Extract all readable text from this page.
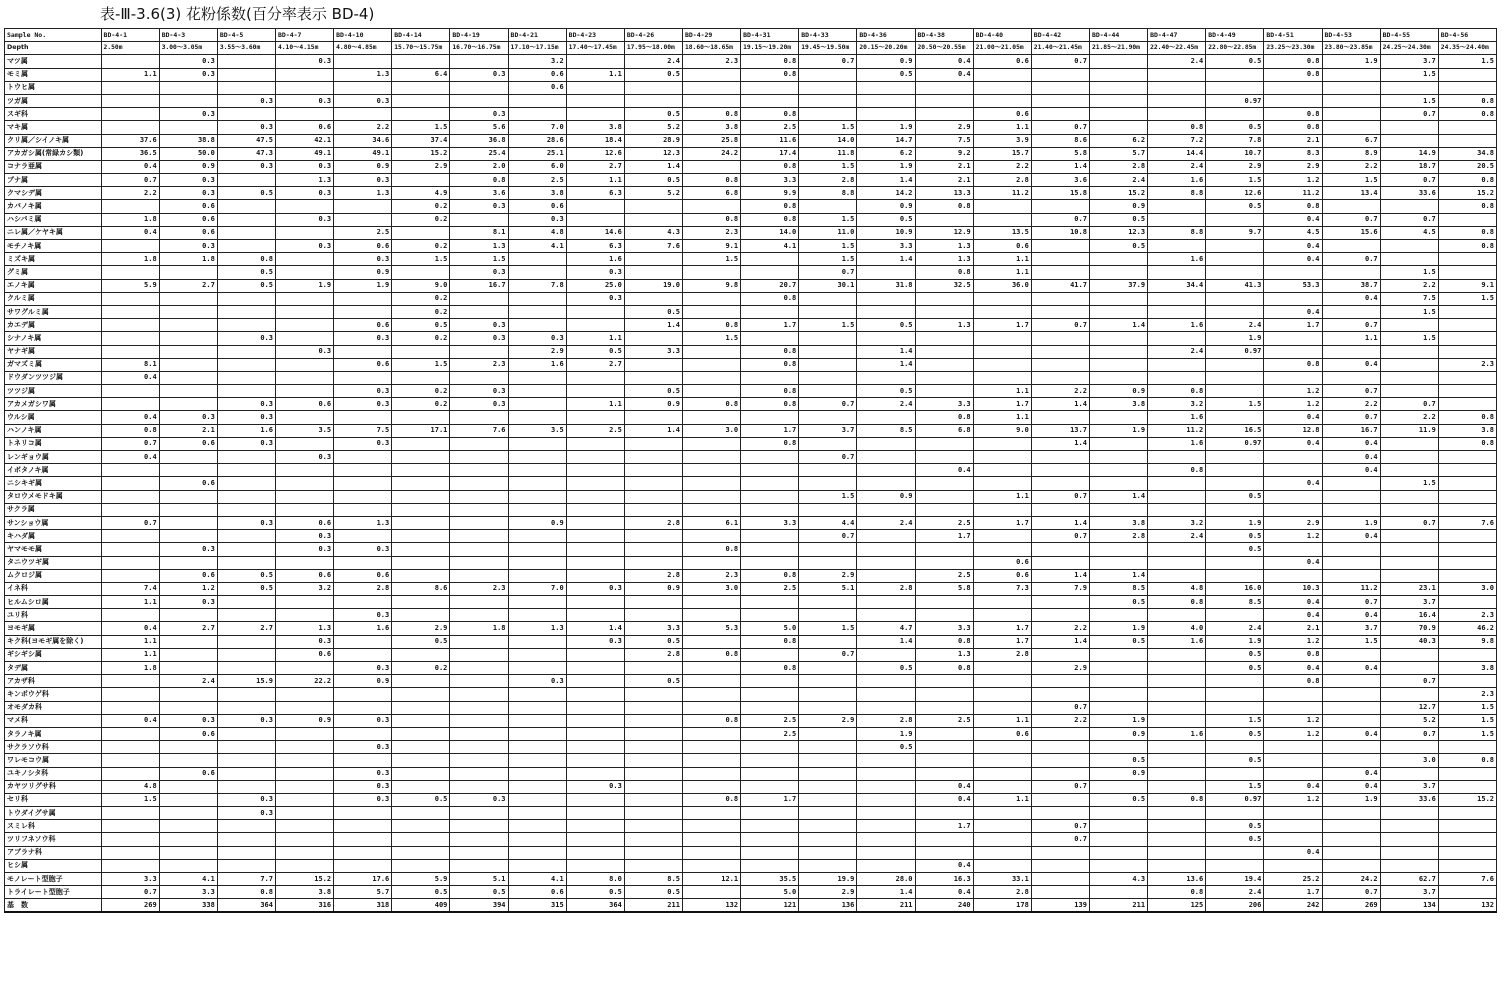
表-Ⅲ-3.6(3) 花粉係数(百分率表示 BD-4)
Sample No.	BD-4-1	BD-4-3	BD-4-5	BD-4-7	BD-4-10	BD-4-14	BD-4-19	BD-4-21	BD-4-23	BD-4-26	BD-4-29	BD-4-31	BD-4-33	BD-4-36	BD-4-38	BD-4-40	BD-4-42	BD-4-44	BD-4-47	BD-4-49	BD-4-51	BD-4-53	BD-4-55	BD-4-56
Depth	2.50m	3.00～3.05m	3.55～3.60m	4.10～4.15m	4.80～4.85m	15.70～15.75m	16.70～16.75m	17.10～17.15m	17.40～17.45m	17.95～18.00m	18.60～18.65m	19.15～19.20m	19.45～19.50m	20.15～20.20m	20.50～20.55m	21.00～21.05m	21.40～21.45m	21.85～21.90m	22.40～22.45m	22.80～22.85m	23.25～23.30m	23.80～23.85m	24.25～24.30m	24.35～24.40m
マツ属		0.3		0.3				3.2		2.4	2.3	0.8	0.7	0.9	0.4	0.6	0.7		2.4	0.5	0.8	1.9	3.7	1.5
モミ属	1.1	0.3			1.3	6.4	0.3	0.6	1.1	0.5		0.8		0.5	0.4						0.8		1.5	
トウヒ属								0.6																
ツガ属			0.3	0.3	0.3															0.97			1.5	0.8
スギ科		0.3					0.3			0.5	0.8	0.8				0.6					0.8		0.7	0.8
マキ属			0.3	0.6	2.2	1.5	5.6	7.0	3.8	5.2	3.8	2.5	1.5	1.9	2.9	1.1	0.7		0.8	0.5	0.8			
クリ属／シイノキ属	37.6	38.8	47.5	42.1	34.6	37.4	36.8	28.6	18.4	28.9	25.8	11.6	14.0	14.7	7.5	3.9	8.6	6.2	7.2	7.8	2.1	6.7		
アカガシ属(常緑カシ類)	36.5	50.0	47.3	49.1	49.1	15.2	25.4	25.1	12.6	12.3	24.2	17.4	11.8	6.2	9.2	15.7	5.8	5.7	14.4	10.7	8.3	8.9	14.9	34.8
コナラ亜属	0.4	0.9	0.3	0.3	0.9	2.9	2.0	6.0	2.7	1.4		0.8	1.5	1.9	2.1	2.2	1.4	2.8	2.4	2.9	2.9	2.2	18.7	20.5
ブナ属	0.7	0.3		1.3	0.3		0.8	2.5	1.1	0.5	0.8	3.3	2.8	1.4	2.1	2.8	3.6	2.4	1.6	1.5	1.2	1.5	0.7	0.8
クマシデ属	2.2	0.3	0.5	0.3	1.3	4.9	3.6	3.8	6.3	5.2	6.8	9.9	8.8	14.2	13.3	11.2	15.8	15.2	8.8	12.6	11.2	13.4	33.6	15.2
カバノキ属		0.6				0.2	0.3	0.6				0.8		0.9	0.8			0.9		0.5	0.8			0.8
ハシバミ属	1.8	0.6		0.3		0.2		0.3			0.8	0.8	1.5	0.5			0.7	0.5			0.4	0.7	0.7	
ニレ属／ケヤキ属	0.4	0.6			2.5		8.1	4.8	14.6	4.3	2.3	14.0	11.0	10.9	12.9	13.5	10.8	12.3	8.8	9.7	4.5	15.6	4.5	0.8
モチノキ属		0.3		0.3	0.6	0.2	1.3	4.1	6.3	7.6	9.1	4.1	1.5	3.3	1.3	0.6		0.5			0.4			0.8
ミズキ属	1.8	1.8	0.8		0.3	1.5	1.5		1.6		1.5		1.5	1.4	1.3	1.1			1.6		0.4	0.7		
グミ属			0.5		0.9		0.3		0.3				0.7		0.8	1.1							1.5	
エノキ属	5.9	2.7	0.5	1.9	1.9	9.0	16.7	7.8	25.0	19.0	9.8	20.7	30.1	31.8	32.5	36.0	41.7	37.9	34.4	41.3	53.3	38.7	2.2	9.1
クルミ属						0.2			0.3			0.8										0.4	7.5	1.5
サワグルミ属						0.2				0.5											0.4		1.5	
カエデ属					0.6	0.5	0.3			1.4	0.8	1.7	1.5	0.5	1.3	1.7	0.7	1.4	1.6	2.4	1.7	0.7		
シナノキ属			0.3		0.3	0.2	0.3	0.3	1.1		1.5									1.9		1.1	1.5	
ヤナギ属				0.3				2.9	0.5	3.3		0.8		1.4					2.4	0.97				
ガマズミ属	8.1				0.6	1.5	2.3	1.6	2.7			0.8		1.4							0.8	0.4		2.3
ドウダンツツジ属	0.4																							
ツツジ属					0.3	0.2	0.3			0.5		0.8		0.5		1.1	2.2	0.9	0.8		1.2	0.7		
アカメガシワ属			0.3	0.6	0.3	0.2	0.3		1.1	0.9	0.8	0.8	0.7	2.4	3.3	1.7	1.4	3.8	3.2	1.5	1.2	2.2	0.7	
ウルシ属	0.4	0.3	0.3												0.8	1.1			1.6		0.4	0.7	2.2	0.8
ハンノキ属	0.8	2.1	1.6	3.5	7.5	17.1	7.6	3.5	2.5	1.4	3.0	1.7	3.7	8.5	6.8	9.0	13.7	1.9	11.2	16.5	12.8	16.7	11.9	3.8
トネリコ属	0.7	0.6	0.3		0.3							0.8					1.4		1.6	0.97	0.4	0.4		0.8
レンギョウ属	0.4			0.3									0.7									0.4		
イボタノキ属															0.4				0.8			0.4		
ニシキギ属		0.6																			0.4		1.5	
タロウメモドキ属													1.5	0.9		1.1	0.7	1.4		0.5				
サクラ属																								
サンショウ属	0.7		0.3	0.6	1.3			0.9		2.8	6.1	3.3	4.4	2.4	2.5	1.7	1.4	3.8	3.2	1.9	2.9	1.9	0.7	7.6
キハダ属				0.3									0.7		1.7		0.7	2.8	2.4	0.5	1.2	0.4		
ヤマモモ属		0.3		0.3	0.3						0.8									0.5				
タニウツギ属																0.6					0.4			
ムクロジ属		0.6	0.5	0.6	0.6					2.8	2.3	0.8	2.9		2.5	0.6	1.4	1.4						
イネ科	7.4	1.2	0.5	3.2	2.8	8.6	2.3	7.0	0.3	0.9	3.0	2.5	5.1	2.8	5.8	7.3	7.9	8.5	4.8	16.0	10.3	11.2	23.1	3.0
ヒルムシロ属	1.1	0.3																0.5	0.8	8.5	0.4	0.7	3.7	
ユリ科					0.3																0.4	0.4	16.4	2.3
ヨモギ属	0.4	2.7	2.7	1.3	1.6	2.9	1.8	1.3	1.4	3.3	5.3	5.0	1.5	4.7	3.3	1.7	2.2	1.9	4.0	2.4	2.1	3.7	70.9	46.2
キク科(ヨモギ属を除く)	1.1			0.3		0.5			0.3	0.5		0.8		1.4	0.8	1.7	1.4	0.5	1.6	1.9	1.2	1.5	40.3	9.8
ギシギシ属	1.1			0.6						2.8	0.8		0.7		1.3	2.8				0.5	0.8			
タデ属	1.8				0.3	0.2						0.8		0.5	0.8		2.9			0.5	0.4	0.4		3.8
アカザ科		2.4	15.9	22.2	0.9			0.3		0.5											0.8		0.7	
キンポウゲ科																								2.3
オモダカ科																	0.7						12.7	1.5
マメ科	0.4	0.3	0.3	0.9	0.3						0.8	2.5	2.9	2.8	2.5	1.1	2.2	1.9		1.5	1.2		5.2	1.5
タラノキ属		0.6										2.5		1.9		0.6		0.9	1.6	0.5	1.2	0.4	0.7	1.5
サクラソウ科					0.3									0.5										
ワレモコウ属																		0.5		0.5			3.0	0.8
ユキノシタ科		0.6			0.3													0.9				0.4		
カヤツリグサ科	4.8				0.3				0.3						0.4		0.7			1.5	0.4	0.4	3.7	
セリ科	1.5		0.3		0.3	0.5	0.3				0.8	1.7			0.4	1.1		0.5	0.8	0.97	1.2	1.9	33.6	15.2
トウダイグサ属			0.3																					
スミレ科															1.7		0.7			0.5				
ツリフネソウ科																	0.7			0.5				
アブラナ科																					0.4			
ヒシ属															0.4									
モノレート型胞子	3.3	4.1	7.7	15.2	17.6	5.9	5.1	4.1	8.0	8.5	12.1	35.5	19.9	28.0	16.3	33.1		4.3	13.6	19.4	25.2	24.2	62.7	7.6
トライレート型胞子	0.7	3.3	0.8	3.8	5.7	0.5	0.5	0.6	0.5	0.5		5.0	2.9	1.4	0.4	2.8			0.8	2.4	1.7	0.7	3.7	
基　数	269	338	364	316	318	409	394	315	364	211	132	121	136	211	240	178	139	211	125	206	242	269	134	132
